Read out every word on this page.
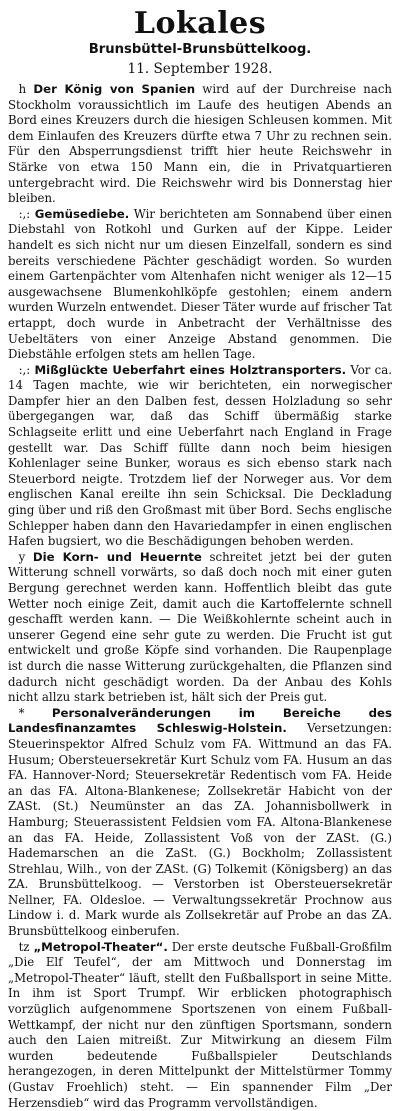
Lokales
Brunsbüttel-Brunsbüttelkoog.
11. September 1928.

h Der König von Spanien wird auf der Durchreise nach Stockholm voraussichtlich im Laufe des heutigen Abends an Bord eines Kreuzers durch die hiesigen Schleusen kommen. Mit dem Einlaufen des Kreuzers dürfte etwa 7 Uhr zu rechnen sein. Für den Absperrungsdienst trifft hier heute Reichswehr in Stärke von etwa 150 Mann ein, die in Privatquartieren untergebracht wird. Die Reichswehr wird bis Donnerstag hier bleiben.

:,: Gemüsediebe. Wir berichteten am Sonnabend über einen Diebstahl von Rotkohl und Gurken auf der Kippe. Leider handelt es sich nicht nur um diesen Einzelfall, sondern es sind bereits verschiedene Pächter geschädigt worden. So wurden einem Gartenpächter vom Altenhafen nicht weniger als 12—15 ausgewachsene Blumenkohlköpfe gestohlen; einem andern wurden Wurzeln entwendet. Dieser Täter wurde auf frischer Tat ertappt, doch wurde in Anbetracht der Verhältnisse des Uebeltäters von einer Anzeige Abstand genommen. Die Diebstähle erfolgen stets am hellen Tage.

:,: Mißglückte Ueberfahrt eines Holztransporters. Vor ca. 14 Tagen machte, wie wir berichteten, ein norwegischer Dampfer hier an den Dalben fest, dessen Holzladung so sehr übergegangen war, daß das Schiff übermäßig starke Schlagseite erlitt und eine Ueberfahrt nach England in Frage gestellt war. Das Schiff füllte dann noch beim hiesigen Kohlenlager seine Bunker, woraus es sich ebenso stark nach Steuerbord neigte. Trotzdem lief der Norweger aus. Vor dem englischen Kanal ereilte ihn sein Schicksal. Die Deckladung ging über und riß den Großmast mit über Bord. Sechs englische Schlepper haben dann den Havariedampfer in einen englischen Hafen bugsiert, wo die Beschädigungen behoben werden.

y Die Korn- und Heuernte schreitet jetzt bei der guten Witterung schnell vorwärts, so daß doch noch mit einer guten Bergung gerechnet werden kann. Hoffentlich bleibt das gute Wetter noch einige Zeit, damit auch die Kartoffelernte schnell geschafft werden kann. — Die Weißkohlernte scheint auch in unserer Gegend eine sehr gute zu werden. Die Frucht ist gut entwickelt und große Köpfe sind vorhanden. Die Raupenplage ist durch die nasse Witterung zurückgehalten, die Pflanzen sind dadurch nicht geschädigt worden. Da der Anbau des Kohls nicht allzu stark betrieben ist, hält sich der Preis gut.

* Personalveränderungen im Bereiche des Landesfinanzamtes Schleswig-Holstein. Versetzungen: Steuerinspektor Alfred Schulz vom FA. Wittmund an das FA. Husum; Obersteuersekretär Kurt Schulz vom FA. Husum an das FA. Hannover-Nord; Steuersekretär Redentisch vom FA. Heide an das FA. Altona-Blankenese; Zollsekretär Habicht von der ZASt. (St.) Neumünster an das ZA. Johannisbollwerk in Hamburg; Steuerassistent Feldsien vom FA. Altona-Blankenese an das FA. Heide, Zollassistent Voß von der ZASt. (G.) Hademarschen an die ZaSt. (G.) Bockholm; Zollassistent Strehlau, Wilh., von der ZASt. (G) Tolkemit (Königsberg) an das ZA. Brunsbüttelkoog. — Verstorben ist Obersteuersekretär Nellner, FA. Oldesloe. — Verwaltungssekretär Prochnow aus Lindow i. d. Mark wurde als Zollsekretär auf Probe an das ZA. Brunsbüttelkoog einberufen.

tz „Metropol-Theater“. Der erste deutsche Fußball-Großfilm „Die Elf Teufel“, der am Mittwoch und Donnerstag im „Metropol-Theater“ läuft, stellt den Fußballsport in seine Mitte. In ihm ist Sport Trumpf. Wir erblicken photographisch vorzüglich aufgenommene Sportszenen von einem Fußball-Wettkampf, der nicht nur den zünftigen Sportsmann, sondern auch den Laien mitreißt. Zur Mitwirkung an diesem Film wurden bedeutende Fußballspieler Deutschlands herangezogen, in deren Mittelpunkt der Mittelstürmer Tommy (Gustav Froehlich) steht. — Ein spannender Film „Der Herzensdieb“ wird das Programm vervollständigen.
